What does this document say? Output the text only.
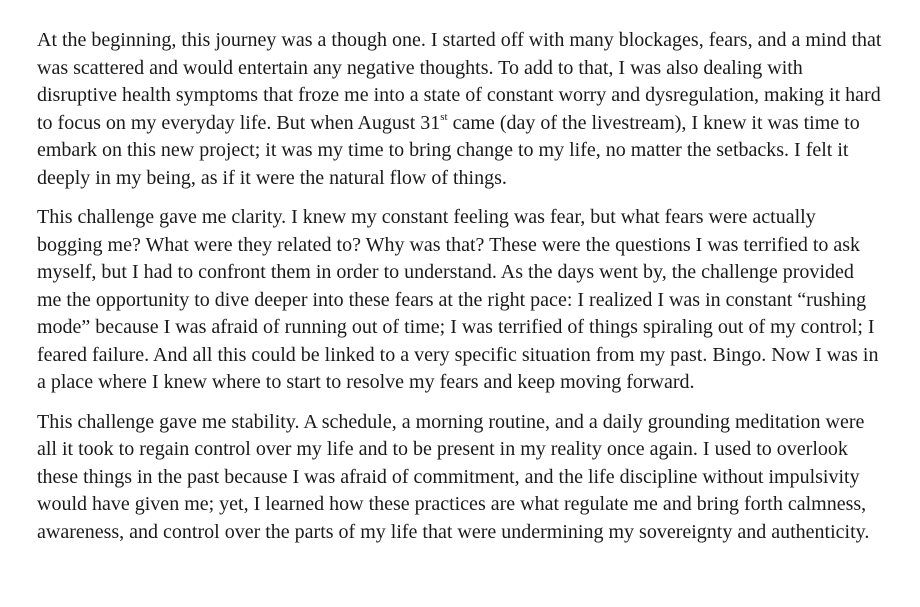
At the beginning, this journey was a though one. I started off with many blockages, fears, and a mind that was scattered and would entertain any negative thoughts. To add to that, I was also dealing with disruptive health symptoms that froze me into a state of constant worry and dysregulation, making it hard to focus on my everyday life. But when August 31st came (day of the livestream), I knew it was time to embark on this new project; it was my time to bring change to my life, no matter the setbacks. I felt it deeply in my being, as if it were the natural flow of things.

This challenge gave me clarity. I knew my constant feeling was fear, but what fears were actually bogging me? What were they related to? Why was that? These were the questions I was terrified to ask myself, but I had to confront them in order to understand. As the days went by, the challenge provided me the opportunity to dive deeper into these fears at the right pace: I realized I was in constant “rushing mode” because I was afraid of running out of time; I was terrified of things spiraling out of my control; I feared failure. And all this could be linked to a very specific situation from my past. Bingo. Now I was in a place where I knew where to start to resolve my fears and keep moving forward.

This challenge gave me stability. A schedule, a morning routine, and a daily grounding meditation were all it took to regain control over my life and to be present in my reality once again. I used to overlook these things in the past because I was afraid of commitment, and the life discipline without impulsivity would have given me; yet, I learned how these practices are what regulate me and bring forth calmness, awareness, and control over the parts of my life that were undermining my sovereignty and authenticity.
